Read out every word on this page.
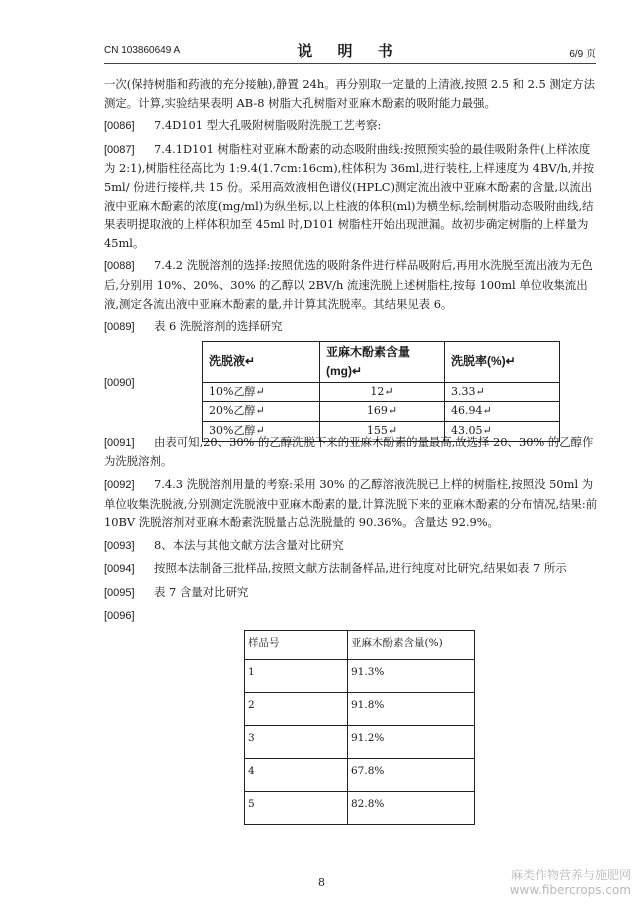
CN 103860649 A	说 明 书	6/9 页

一次(保持树脂和药液的充分接触),静置 24h。再分别取一定量的上清液,按照 2.5 和 2.5 测定方法测定。计算,实验结果表明 AB-8 树脂大孔树脂对亚麻木酚素的吸附能力最强。

[0086] 7.4D101 型大孔吸附树脂吸附洗脱工艺考察:

[0087] 7.4.1D101 树脂柱对亚麻木酚素的动态吸附曲线:按照预实验的最佳吸附条件(上样浓度为 2:1),树脂柱径高比为 1:9.4(1.7cm:16cm),柱体积为 36ml,进行装柱,上样速度为 4BV/h,并按 5ml/ 份进行接样,共 15 份。采用高效液相色谱仪(HPLC)测定流出液中亚麻木酚素的含量,以流出液中亚麻木酚素的浓度(mg/ml)为纵坐标,以上柱液的体积(ml)为横坐标,绘制树脂动态吸附曲线,结果表明提取液的上样体积加至 45ml 时,D101 树脂柱开始出现泄漏。故初步确定树脂的上样量为 45ml。

[0088] 7.4.2 洗脱溶剂的选择:按照优选的吸附条件进行样品吸附后,再用水洗脱至流出液为无色后,分别用 10%、20%、30% 的乙醇以 2BV/h 流速洗脱上述树脂柱,按每 100ml 单位收集流出液,测定各流出液中亚麻木酚素的量,并计算其洗脱率。其结果见表 6。

[0089] 表 6 洗脱溶剂的选择研究

[0090]
洗脱液↵	亚麻木酚素含量(mg)↵	洗脱率(%)↵
10%乙醇↵	12↵	3.33↵
20%乙醇↵	169↵	46.94↵
30%乙醇↵	155↵	43.05↵

[0091] 由表可知,20、30% 的乙醇洗脱下来的亚麻木酚素的量最高,故选择 20、30% 的乙醇作为洗脱溶剂。

[0092] 7.4.3 洗脱溶剂用量的考察:采用 30% 的乙醇溶液洗脱已上样的树脂柱,按照没 50ml 为单位收集洗脱液,分别测定洗脱液中亚麻木酚素的量,计算洗脱下来的亚麻木酚素的分布情况,结果:前 10BV 洗脱溶剂对亚麻木酚素洗脱量占总洗脱量的 90.36%。含量达 92.9%。

[0093] 8、本法与其他文献方法含量对比研究

[0094] 按照本法制备三批样品,按照文献方法制备样品,进行纯度对比研究,结果如表 7 所示

[0095] 表 7 含量对比研究

[0096]

样品号	亚麻木酚素含量(%)
1	91.3%
2	91.8%
3	91.2%
4	67.8%
5	82.8%
8
麻类作物营养与施肥网
www.fibercrops.com
